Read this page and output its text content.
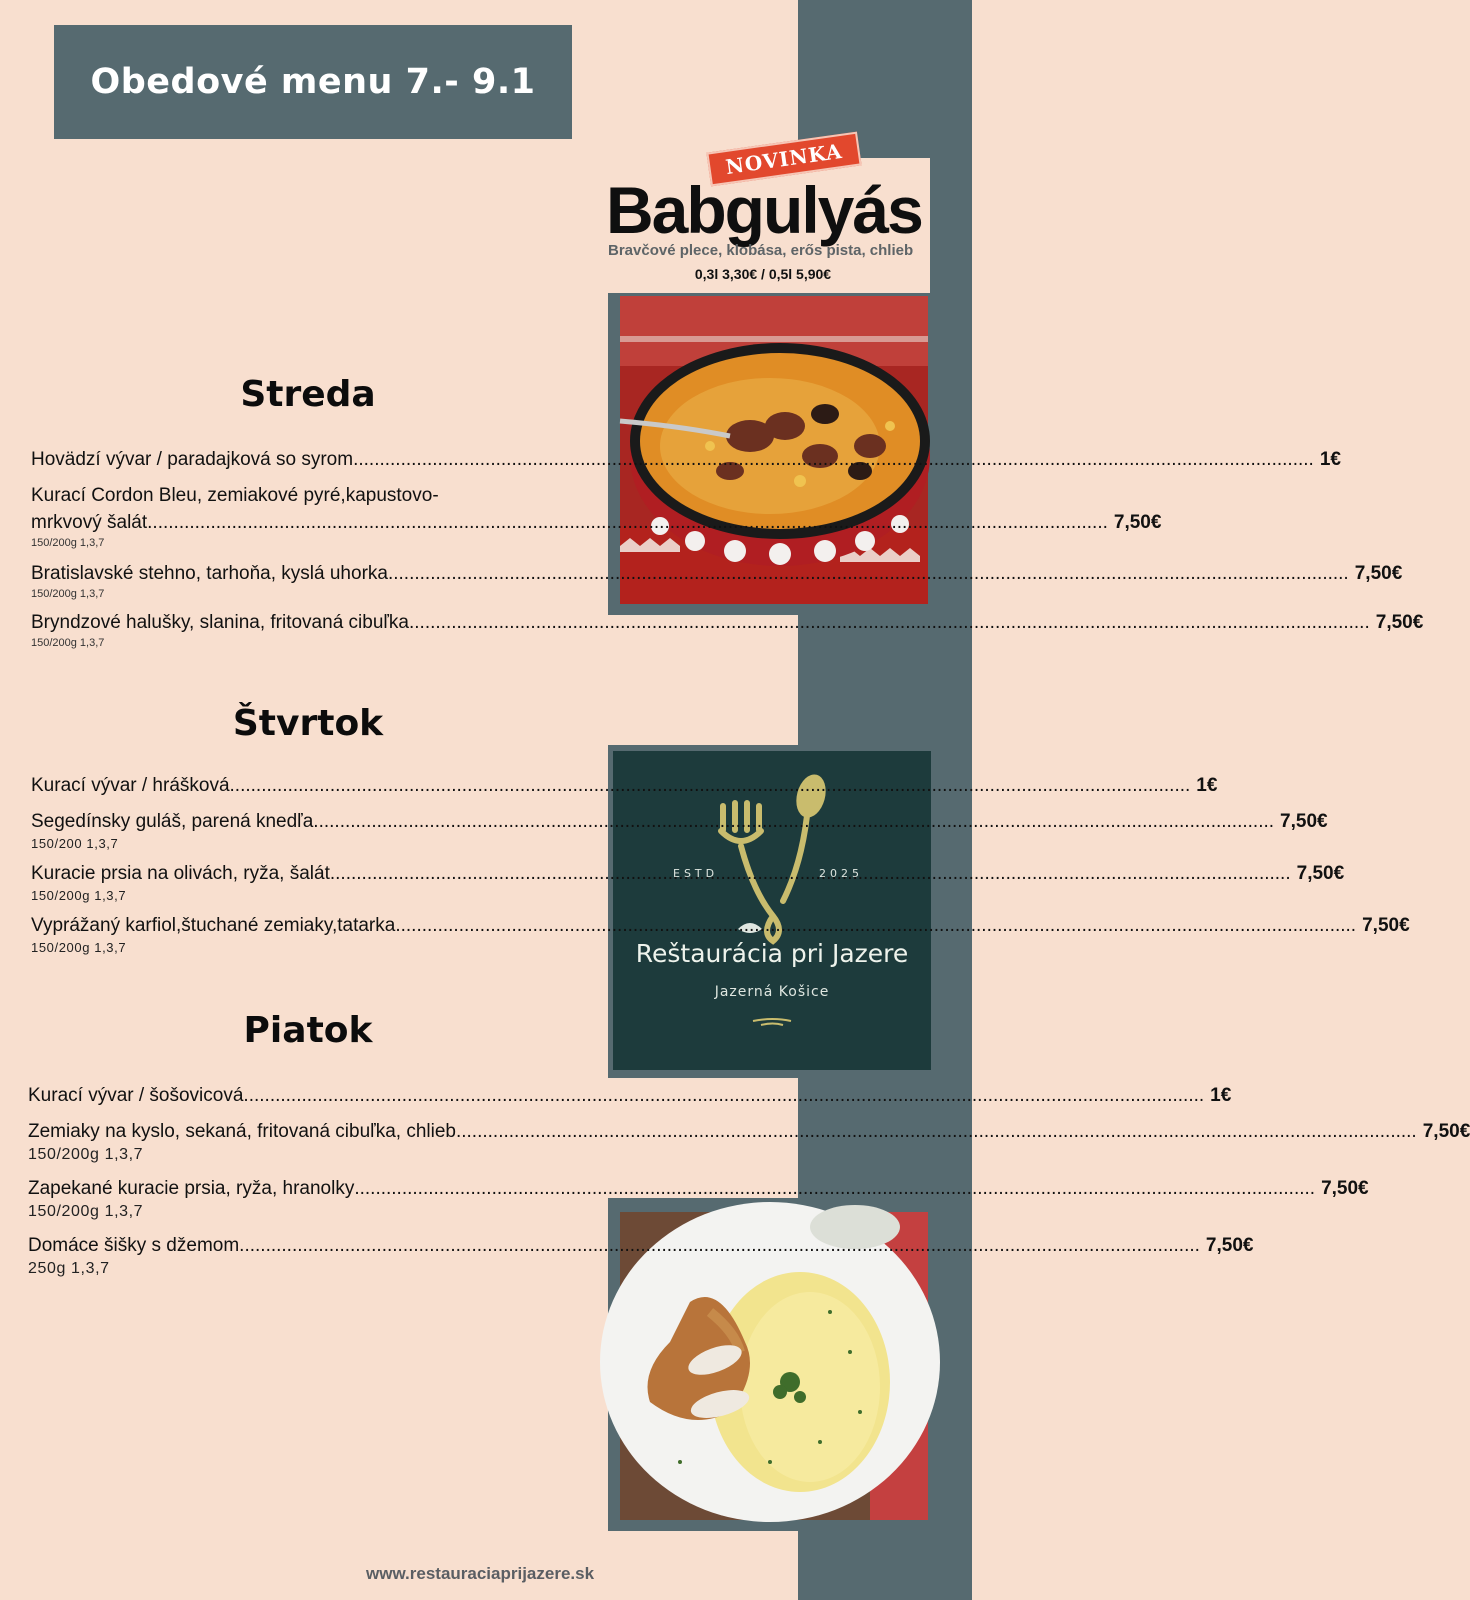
Obedové menu 7.- 9.1
NOVINKA
Babgulyás
Bravčové plece, klobása, erős pista, chlieb
0,3l 3,30€ / 0,5l 5,90€
ESTD	2025
Reštaurácia pri Jazere
Jazerná Košice
Streda
Hovädzí vývar / paradajková so syrom .....	1€
Kurací Cordon Bleu, zemiakové pyré,kapustovo-
mrkvový šalát .....	7,50€
150/200g 1,3,7
Bratislavské stehno, tarhoňa, kyslá uhorka .....	7,50€
150/200g 1,3,7
Bryndzové halušky, slanina, fritovaná cibuľka .....	7,50€
150/200g 1,3,7
Štvrtok
Kurací vývar / hrášková .....	1€
Segedínsky guláš, parená knedľa .....	7,50€
150/200 1,3,7
Kuracie prsia na olivách, ryža, šalát .....	7,50€
150/200g 1,3,7
Vyprážaný karfiol,štuchané zemiaky,tatarka .....	7,50€
150/200g 1,3,7
Piatok
Kurací vývar / šošovicová .....	1€
Zemiaky na kyslo, sekaná, fritovaná cibuľka, chlieb .....	7,50€
150/200g 1,3,7
Zapekané kuracie prsia, ryža, hranolky .....	7,50€
150/200g 1,3,7
Domáce šišky s džemom .....	7,50€
250g 1,3,7
www.restauraciaprijazere.sk
